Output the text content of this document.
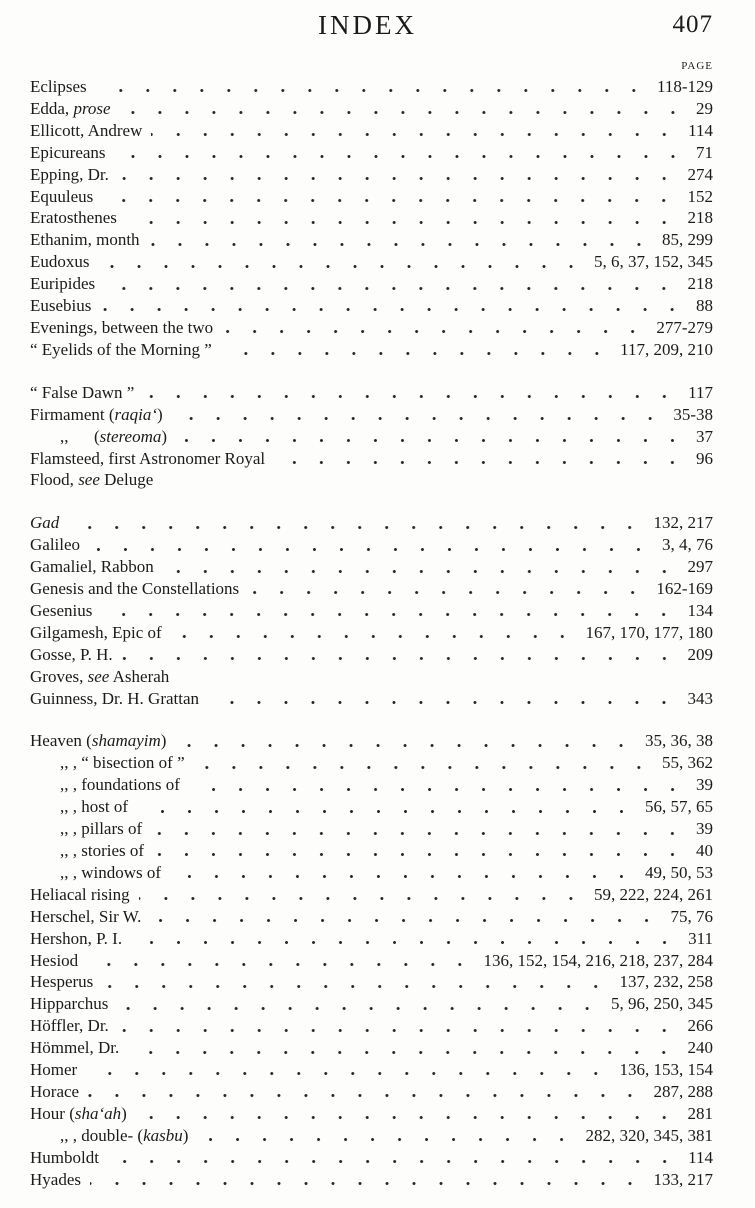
INDEX	407
PAGE
Eclipses	118-129
Edda, prose	29
Ellicott, Andrew	114
Epicureans	71
Epping, Dr.	274
Equuleus	152
Eratosthenes	218
Ethanim, month	85, 299
Eudoxus	5, 6, 37, 152, 345
Euripides	218
Eusebius	88
Evenings, between the two	277-279
“ Eyelids of the Morning ”	117, 209, 210
“ False Dawn ”	117
Firmament (raqia‘)	35-38
,,      (stereoma)	37
Flamsteed, first Astronomer Royal	96
Flood, see Deluge
Gad	132, 217
Galileo	3, 4, 76
Gamaliel, Rabbon	297
Genesis and the Constellations	162-169
Gesenius	134
Gilgamesh, Epic of	167, 170, 177, 180
Gosse, P. H.	209
Groves, see Asherah
Guinness, Dr. H. Grattan	343
Heaven (shamayim)	35, 36, 38
,, , “ bisection of ”	55, 362
,, , foundations of	39
,, , host of	56, 57, 65
,, , pillars of	39
,, , stories of	40
,, , windows of	49, 50, 53
Heliacal rising	59, 222, 224, 261
Herschel, Sir W.	75, 76
Hershon, P. I.	311
Hesiod	136, 152, 154, 216, 218, 237, 284
Hesperus	137, 232, 258
Hipparchus	5, 96, 250, 345
Höffler, Dr.	266
Hömmel, Dr.	240
Homer	136, 153, 154
Horace	287, 288
Hour (sha‘ah)	281
,, , double- (kasbu)	282, 320, 345, 381
Humboldt	114
Hyades	133, 217
